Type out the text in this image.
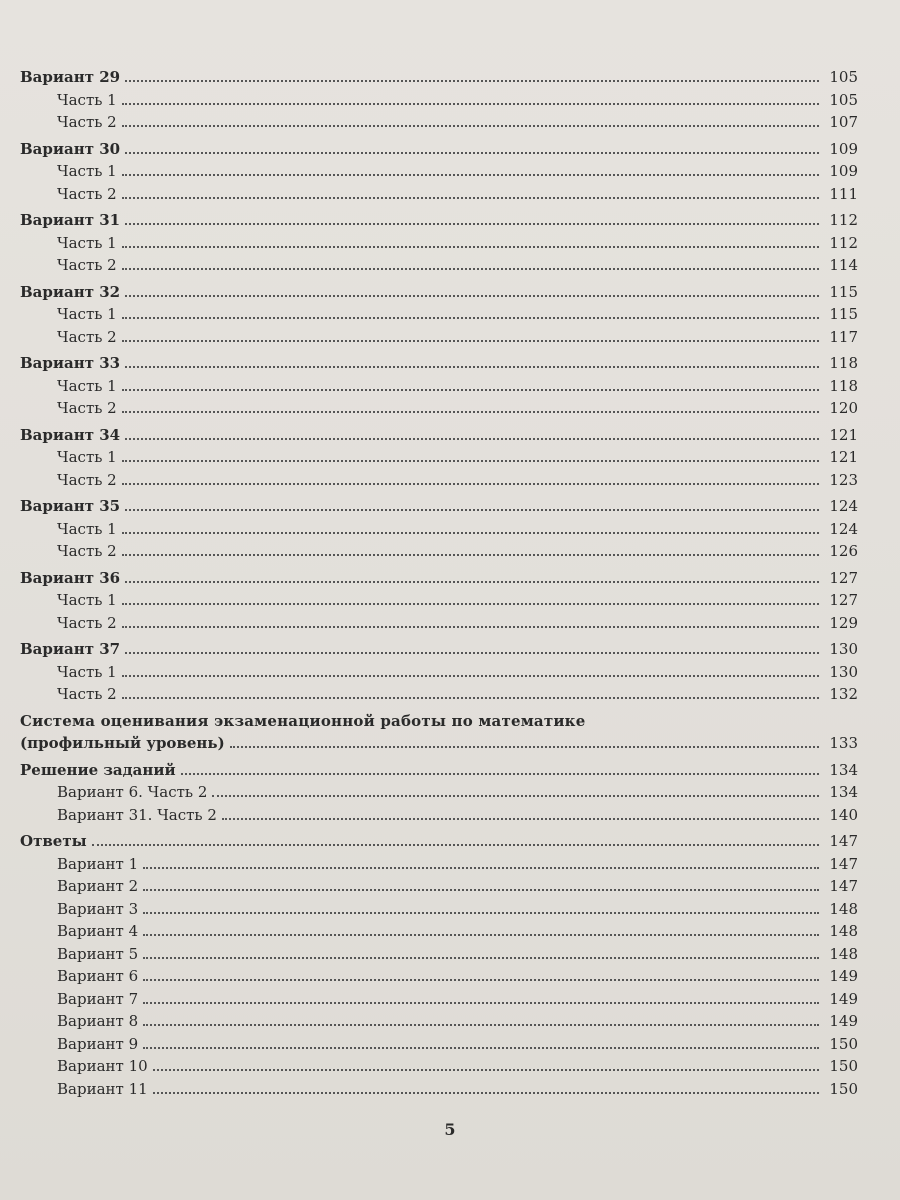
Вариант 29	105
Часть 1	105
Часть 2	107
Вариант 30	109
Часть 1	109
Часть 2	111
Вариант 31	112
Часть 1	112
Часть 2	114
Вариант 32	115
Часть 1	115
Часть 2	117
Вариант 33	118
Часть 1	118
Часть 2	120
Вариант 34	121
Часть 1	121
Часть 2	123
Вариант 35	124
Часть 1	124
Часть 2	126
Вариант 36	127
Часть 1	127
Часть 2	129
Вариант 37	130
Часть 1	130
Часть 2	132
Система оценивания экзаменационной работы по математике
(профильный уровень)	133
Решение заданий	134
Вариант 6. Часть 2	134
Вариант 31. Часть 2	140
Ответы	147
Вариант 1	147
Вариант 2	147
Вариант 3	148
Вариант 4	148
Вариант 5	148
Вариант 6	149
Вариант 7	149
Вариант 8	149
Вариант 9	150
Вариант 10	150
Вариант 11	150
5
